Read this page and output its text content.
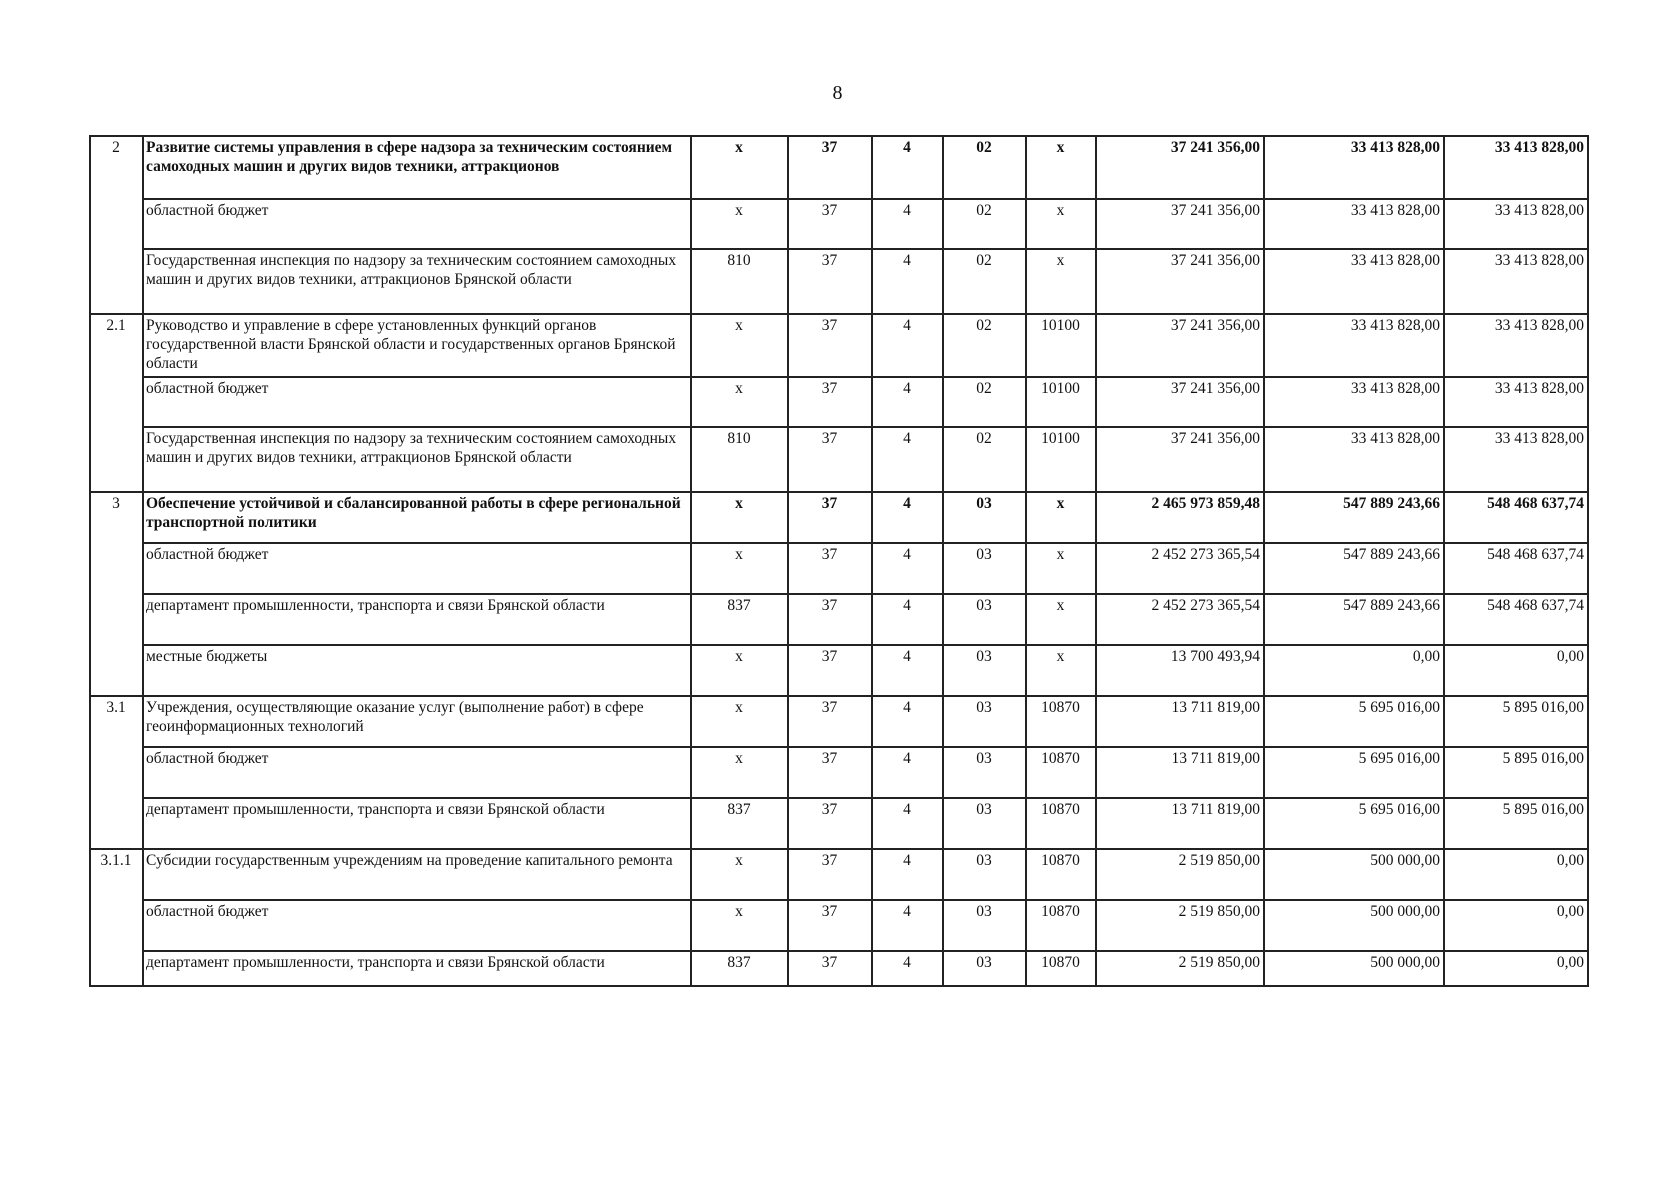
8
2	Развитие системы управления в сфере надзора за техническим состоянием самоходных машин и других видов техники, аттракционов	х	37	4	02	х	37 241 356,00	33 413 828,00	33 413 828,00
	областной бюджет	х	37	4	02	х	37 241 356,00	33 413 828,00	33 413 828,00
	Государственная инспекция по надзору за техническим состоянием самоходных машин и других видов техники, аттракционов Брянской области	810	37	4	02	х	37 241 356,00	33 413 828,00	33 413 828,00
2.1	Руководство и управление в сфере установленных функций органов государственной власти Брянской области и государственных органов Брянской области	х	37	4	02	10100	37 241 356,00	33 413 828,00	33 413 828,00
	областной бюджет	х	37	4	02	10100	37 241 356,00	33 413 828,00	33 413 828,00
	Государственная инспекция по надзору за техническим состоянием самоходных машин и других видов техники, аттракционов Брянской области	810	37	4	02	10100	37 241 356,00	33 413 828,00	33 413 828,00
3	Обеспечение устойчивой и сбалансированной работы в сфере региональной транспортной политики	х	37	4	03	х	2 465 973 859,48	547 889 243,66	548 468 637,74
	областной бюджет	х	37	4	03	х	2 452 273 365,54	547 889 243,66	548 468 637,74
	департамент промышленности, транспорта и связи Брянской области	837	37	4	03	х	2 452 273 365,54	547 889 243,66	548 468 637,74
	местные бюджеты	х	37	4	03	х	13 700 493,94	0,00	0,00
3.1	Учреждения, осуществляющие оказание услуг (выполнение работ) в сфере геоинформационных технологий	х	37	4	03	10870	13 711 819,00	5 695 016,00	5 895 016,00
	областной бюджет	х	37	4	03	10870	13 711 819,00	5 695 016,00	5 895 016,00
	департамент промышленности, транспорта и связи Брянской области	837	37	4	03	10870	13 711 819,00	5 695 016,00	5 895 016,00
3.1.1	Субсидии государственным учреждениям на проведение капитального ремонта	х	37	4	03	10870	2 519 850,00	500 000,00	0,00
	областной бюджет	х	37	4	03	10870	2 519 850,00	500 000,00	0,00
	департамент промышленности, транспорта и связи Брянской области	837	37	4	03	10870	2 519 850,00	500 000,00	0,00
